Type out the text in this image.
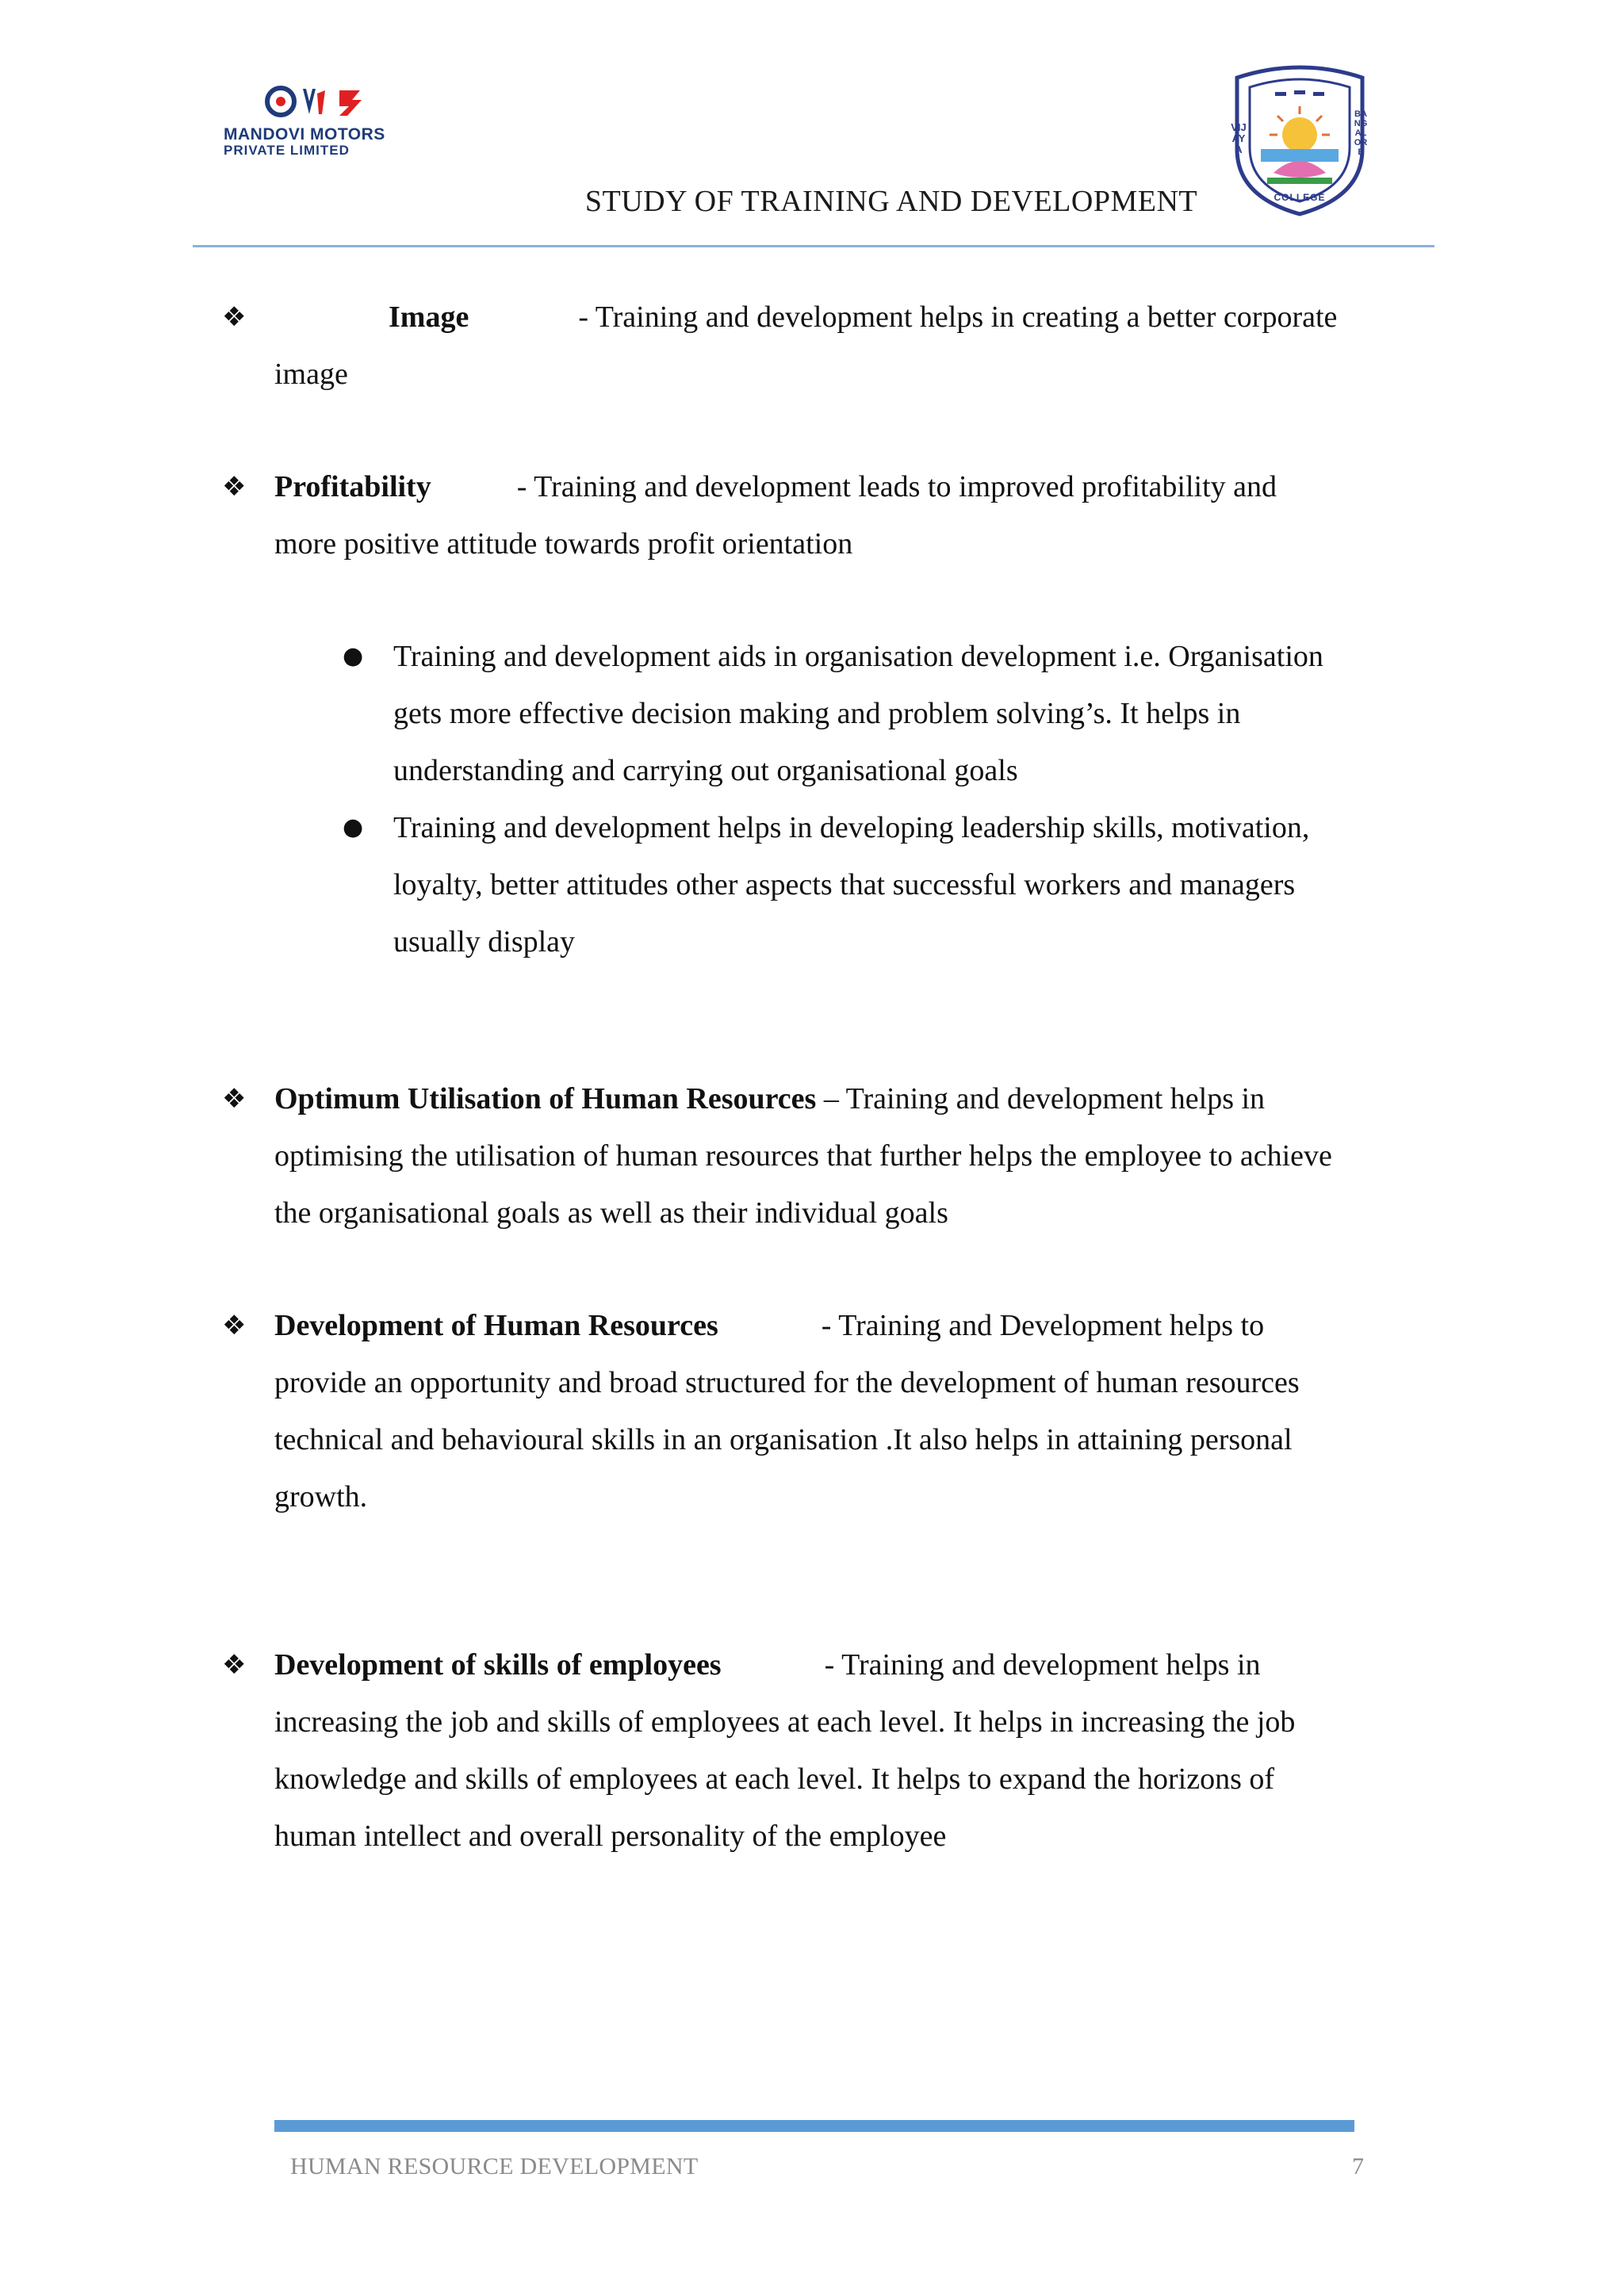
MANDOVI MOTORS
PRIVATE LIMITED
VIJAYA
COLLEGE
BANGALORE
STUDY OF TRAINING AND DEVELOPMENT
❖	Image	- Training and development helps in creating a better corporate
image
❖ Profitability	- Training and development leads to improved profitability and
more positive attitude towards profit orientation
● Training and development aids in organisation development i.e. Organisation
gets more effective decision making and problem solving’s. It helps in
understanding and carrying out organisational goals
● Training and development helps in developing leadership skills, motivation,
loyalty, better attitudes other aspects that successful workers and managers
usually display
❖ Optimum Utilisation of Human Resources – Training and development helps in
optimising the utilisation of human resources that further helps the employee to achieve
the organisational goals as well as their individual goals
❖ Development of Human Resources	- Training and Development helps to
provide an opportunity and broad structured for the development of human resources
technical and behavioural skills in an organisation .It also helps in attaining personal
growth.
❖ Development of skills of employees	- Training and development helps in
increasing the job and skills of employees at each level. It helps in increasing the job
knowledge and skills of employees at each level. It helps to expand the horizons of
human intellect and overall personality of the employee
HUMAN RESOURCE DEVELOPMENT	7
